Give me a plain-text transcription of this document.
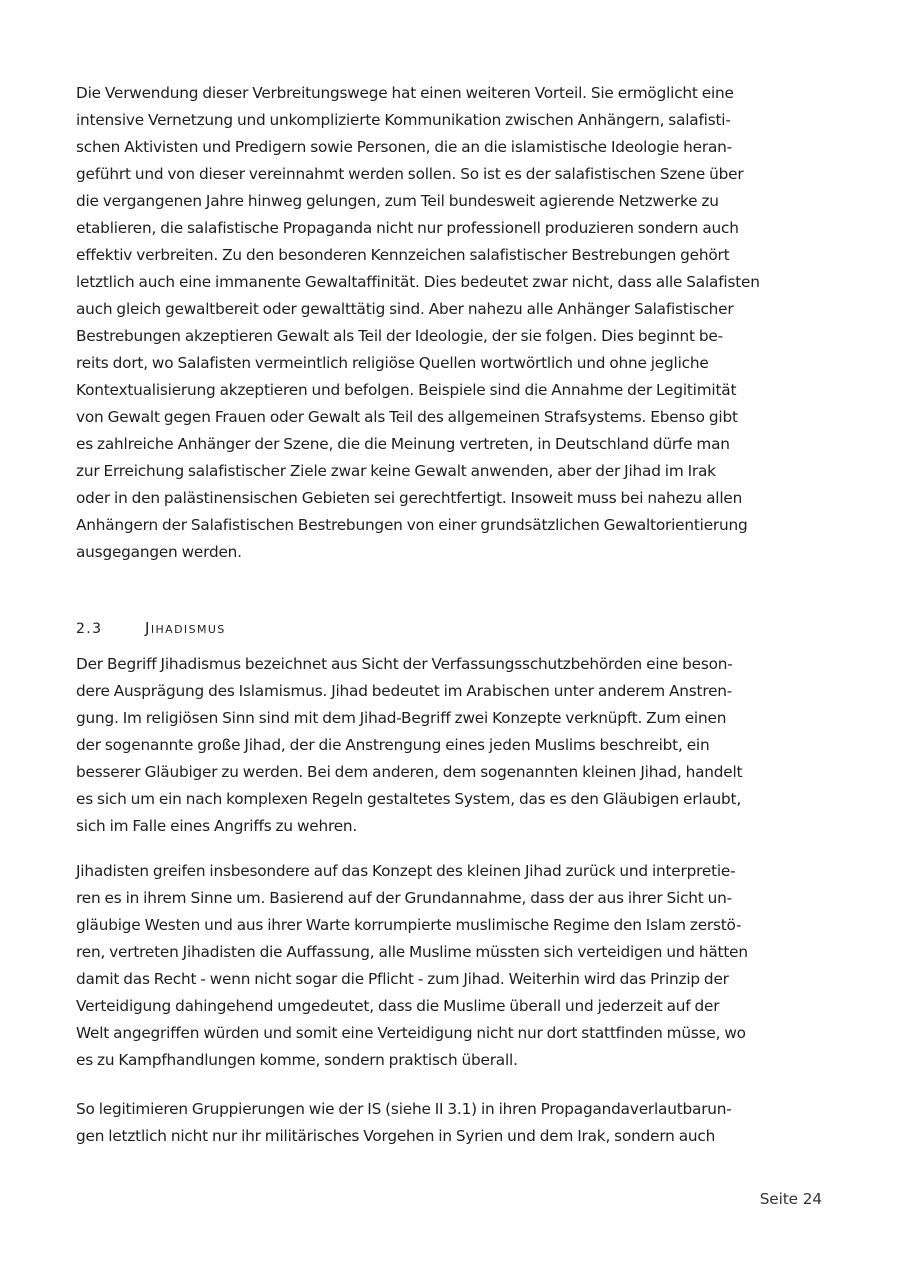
Die Verwendung dieser Verbreitungswege hat einen weiteren Vorteil. Sie ermöglicht eine
intensive Vernetzung und unkomplizierte Kommunikation zwischen Anhängern, salafisti-
schen Aktivisten und Predigern sowie Personen, die an die islamistische Ideologie heran-
geführt und von dieser vereinnahmt werden sollen. So ist es der salafistischen Szene über
die vergangenen Jahre hinweg gelungen, zum Teil bundesweit agierende Netzwerke zu
etablieren, die salafistische Propaganda nicht nur professionell produzieren sondern auch
effektiv verbreiten. Zu den besonderen Kennzeichen salafistischer Bestrebungen gehört
letztlich auch eine immanente Gewaltaffinität. Dies bedeutet zwar nicht, dass alle Salafisten
auch gleich gewaltbereit oder gewalttätig sind. Aber nahezu alle Anhänger Salafistischer
Bestrebungen akzeptieren Gewalt als Teil der Ideologie, der sie folgen. Dies beginnt be-
reits dort, wo Salafisten vermeintlich religiöse Quellen wortwörtlich und ohne jegliche
Kontextualisierung akzeptieren und befolgen. Beispiele sind die Annahme der Legitimität
von Gewalt gegen Frauen oder Gewalt als Teil des allgemeinen Strafsystems. Ebenso gibt
es zahlreiche Anhänger der Szene, die die Meinung vertreten, in Deutschland dürfe man
zur Erreichung salafistischer Ziele zwar keine Gewalt anwenden, aber der Jihad im Irak
oder in den palästinensischen Gebieten sei gerechtfertigt. Insoweit muss bei nahezu allen
Anhängern der Salafistischen Bestrebungen von einer grundsätzlichen Gewaltorientierung
ausgegangen werden.

2.3	Jihadismus

Der Begriff Jihadismus bezeichnet aus Sicht der Verfassungsschutzbehörden eine beson-
dere Ausprägung des Islamismus. Jihad bedeutet im Arabischen unter anderem Anstren-
gung. Im religiösen Sinn sind mit dem Jihad-Begriff zwei Konzepte verknüpft. Zum einen
der sogenannte große Jihad, der die Anstrengung eines jeden Muslims beschreibt, ein
besserer Gläubiger zu werden. Bei dem anderen, dem sogenannten kleinen Jihad, handelt
es sich um ein nach komplexen Regeln gestaltetes System, das es den Gläubigen erlaubt,
sich im Falle eines Angriffs zu wehren.

Jihadisten greifen insbesondere auf das Konzept des kleinen Jihad zurück und interpretie-
ren es in ihrem Sinne um. Basierend auf der Grundannahme, dass der aus ihrer Sicht un-
gläubige Westen und aus ihrer Warte korrumpierte muslimische Regime den Islam zerstö-
ren, vertreten Jihadisten die Auffassung, alle Muslime müssten sich verteidigen und hätten
damit das Recht - wenn nicht sogar die Pflicht - zum Jihad. Weiterhin wird das Prinzip der
Verteidigung dahingehend umgedeutet, dass die Muslime überall und jederzeit auf der
Welt angegriffen würden und somit eine Verteidigung nicht nur dort stattfinden müsse, wo
es zu Kampfhandlungen komme, sondern praktisch überall.

So legitimieren Gruppierungen wie der IS (siehe II 3.1) in ihren Propagandaverlautbarun-
gen letztlich nicht nur ihr militärisches Vorgehen in Syrien und dem Irak, sondern auch

Seite 24
